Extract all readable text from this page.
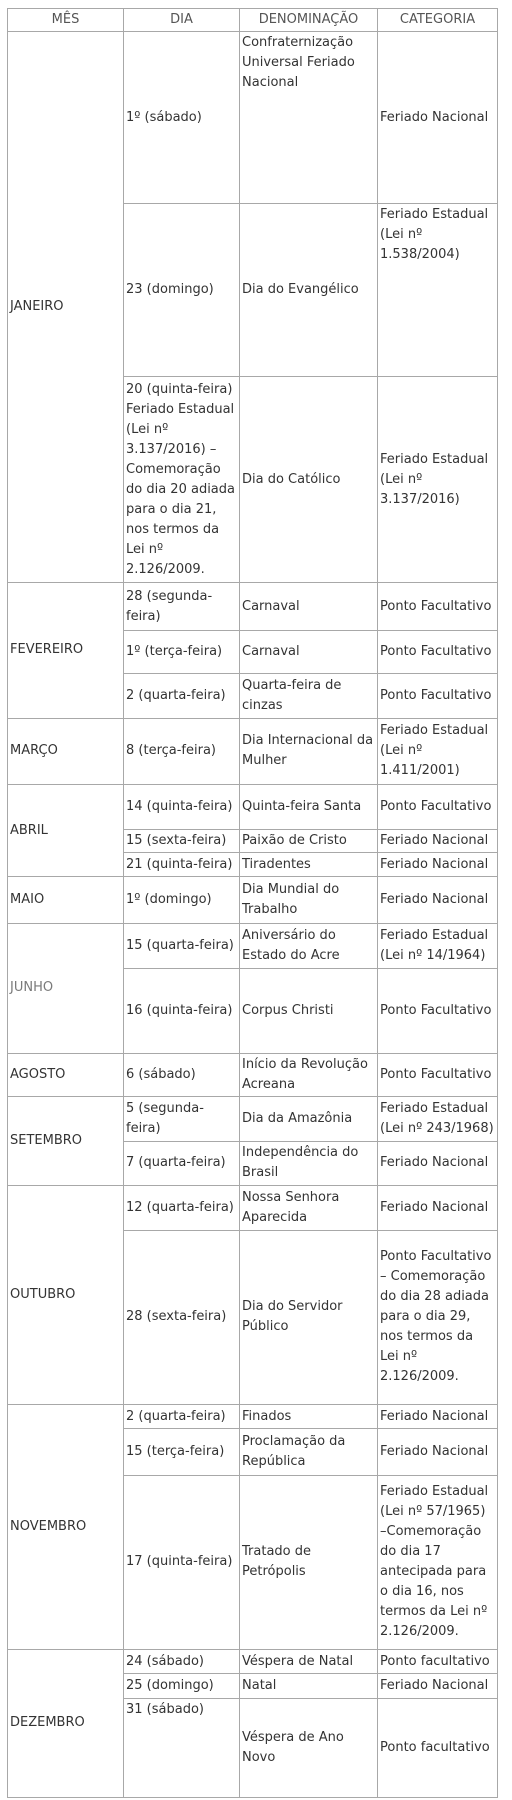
MÊS	DIA	DENOMINAÇÃO	CATEGORIA
JANEIRO	1º (sábado)	Confraternização Universal Feriado Nacional	Feriado Nacional
	23 (domingo)	Dia do Evangélico	Feriado Estadual (Lei nº 1.538/2004)
	20 (quinta-feira) Feriado Estadual (Lei nº 3.137/2016) – Comemoração do dia 20 adiada para o dia 21, nos termos da Lei nº 2.126/2009.	Dia do Católico	Feriado Estadual (Lei nº 3.137/2016)
FEVEREIRO	28 (segunda-feira)	Carnaval	Ponto Facultativo
	1º (terça-feira)	Carnaval	Ponto Facultativo
	2 (quarta-feira)	Quarta-feira de cinzas	Ponto Facultativo
MARÇO	8 (terça-feira)	Dia Internacional da Mulher	Feriado Estadual (Lei nº 1.411/2001)
ABRIL	14 (quinta-feira)	Quinta-feira Santa	Ponto Facultativo
	15 (sexta-feira)	Paixão de Cristo	Feriado Nacional
	21 (quinta-feira)	Tiradentes	Feriado Nacional
MAIO	1º (domingo)	Dia Mundial do Trabalho	Feriado Nacional
JUNHO	15 (quarta-feira)	Aniversário do Estado do Acre	Feriado Estadual (Lei nº 14/1964)
	16 (quinta-feira)	Corpus Christi	Ponto Facultativo
AGOSTO	6 (sábado)	Início da Revolução Acreana	Ponto Facultativo
SETEMBRO	5 (segunda-feira)	Dia da Amazônia	Feriado Estadual (Lei nº 243/1968)
	7 (quarta-feira)	Independência do Brasil	Feriado Nacional
OUTUBRO	12 (quarta-feira)	Nossa Senhora Aparecida	Feriado Nacional
	28 (sexta-feira)	Dia do Servidor Público	Ponto Facultativo – Comemoração do dia 28 adiada para o dia 29, nos termos da Lei nº 2.126/2009.
NOVEMBRO	2 (quarta-feira)	Finados	Feriado Nacional
	15 (terça-feira)	Proclamação da República	Feriado Nacional
	17 (quinta-feira)	Tratado de Petrópolis	Feriado Estadual (Lei nº 57/1965) –Comemoração do dia 17 antecipada para o dia 16, nos termos da Lei nº 2.126/2009.
DEZEMBRO	24 (sábado)	Véspera de Natal	Ponto facultativo
	25 (domingo)	Natal	Feriado Nacional
	31 (sábado)	Véspera de Ano Novo	Ponto facultativo
